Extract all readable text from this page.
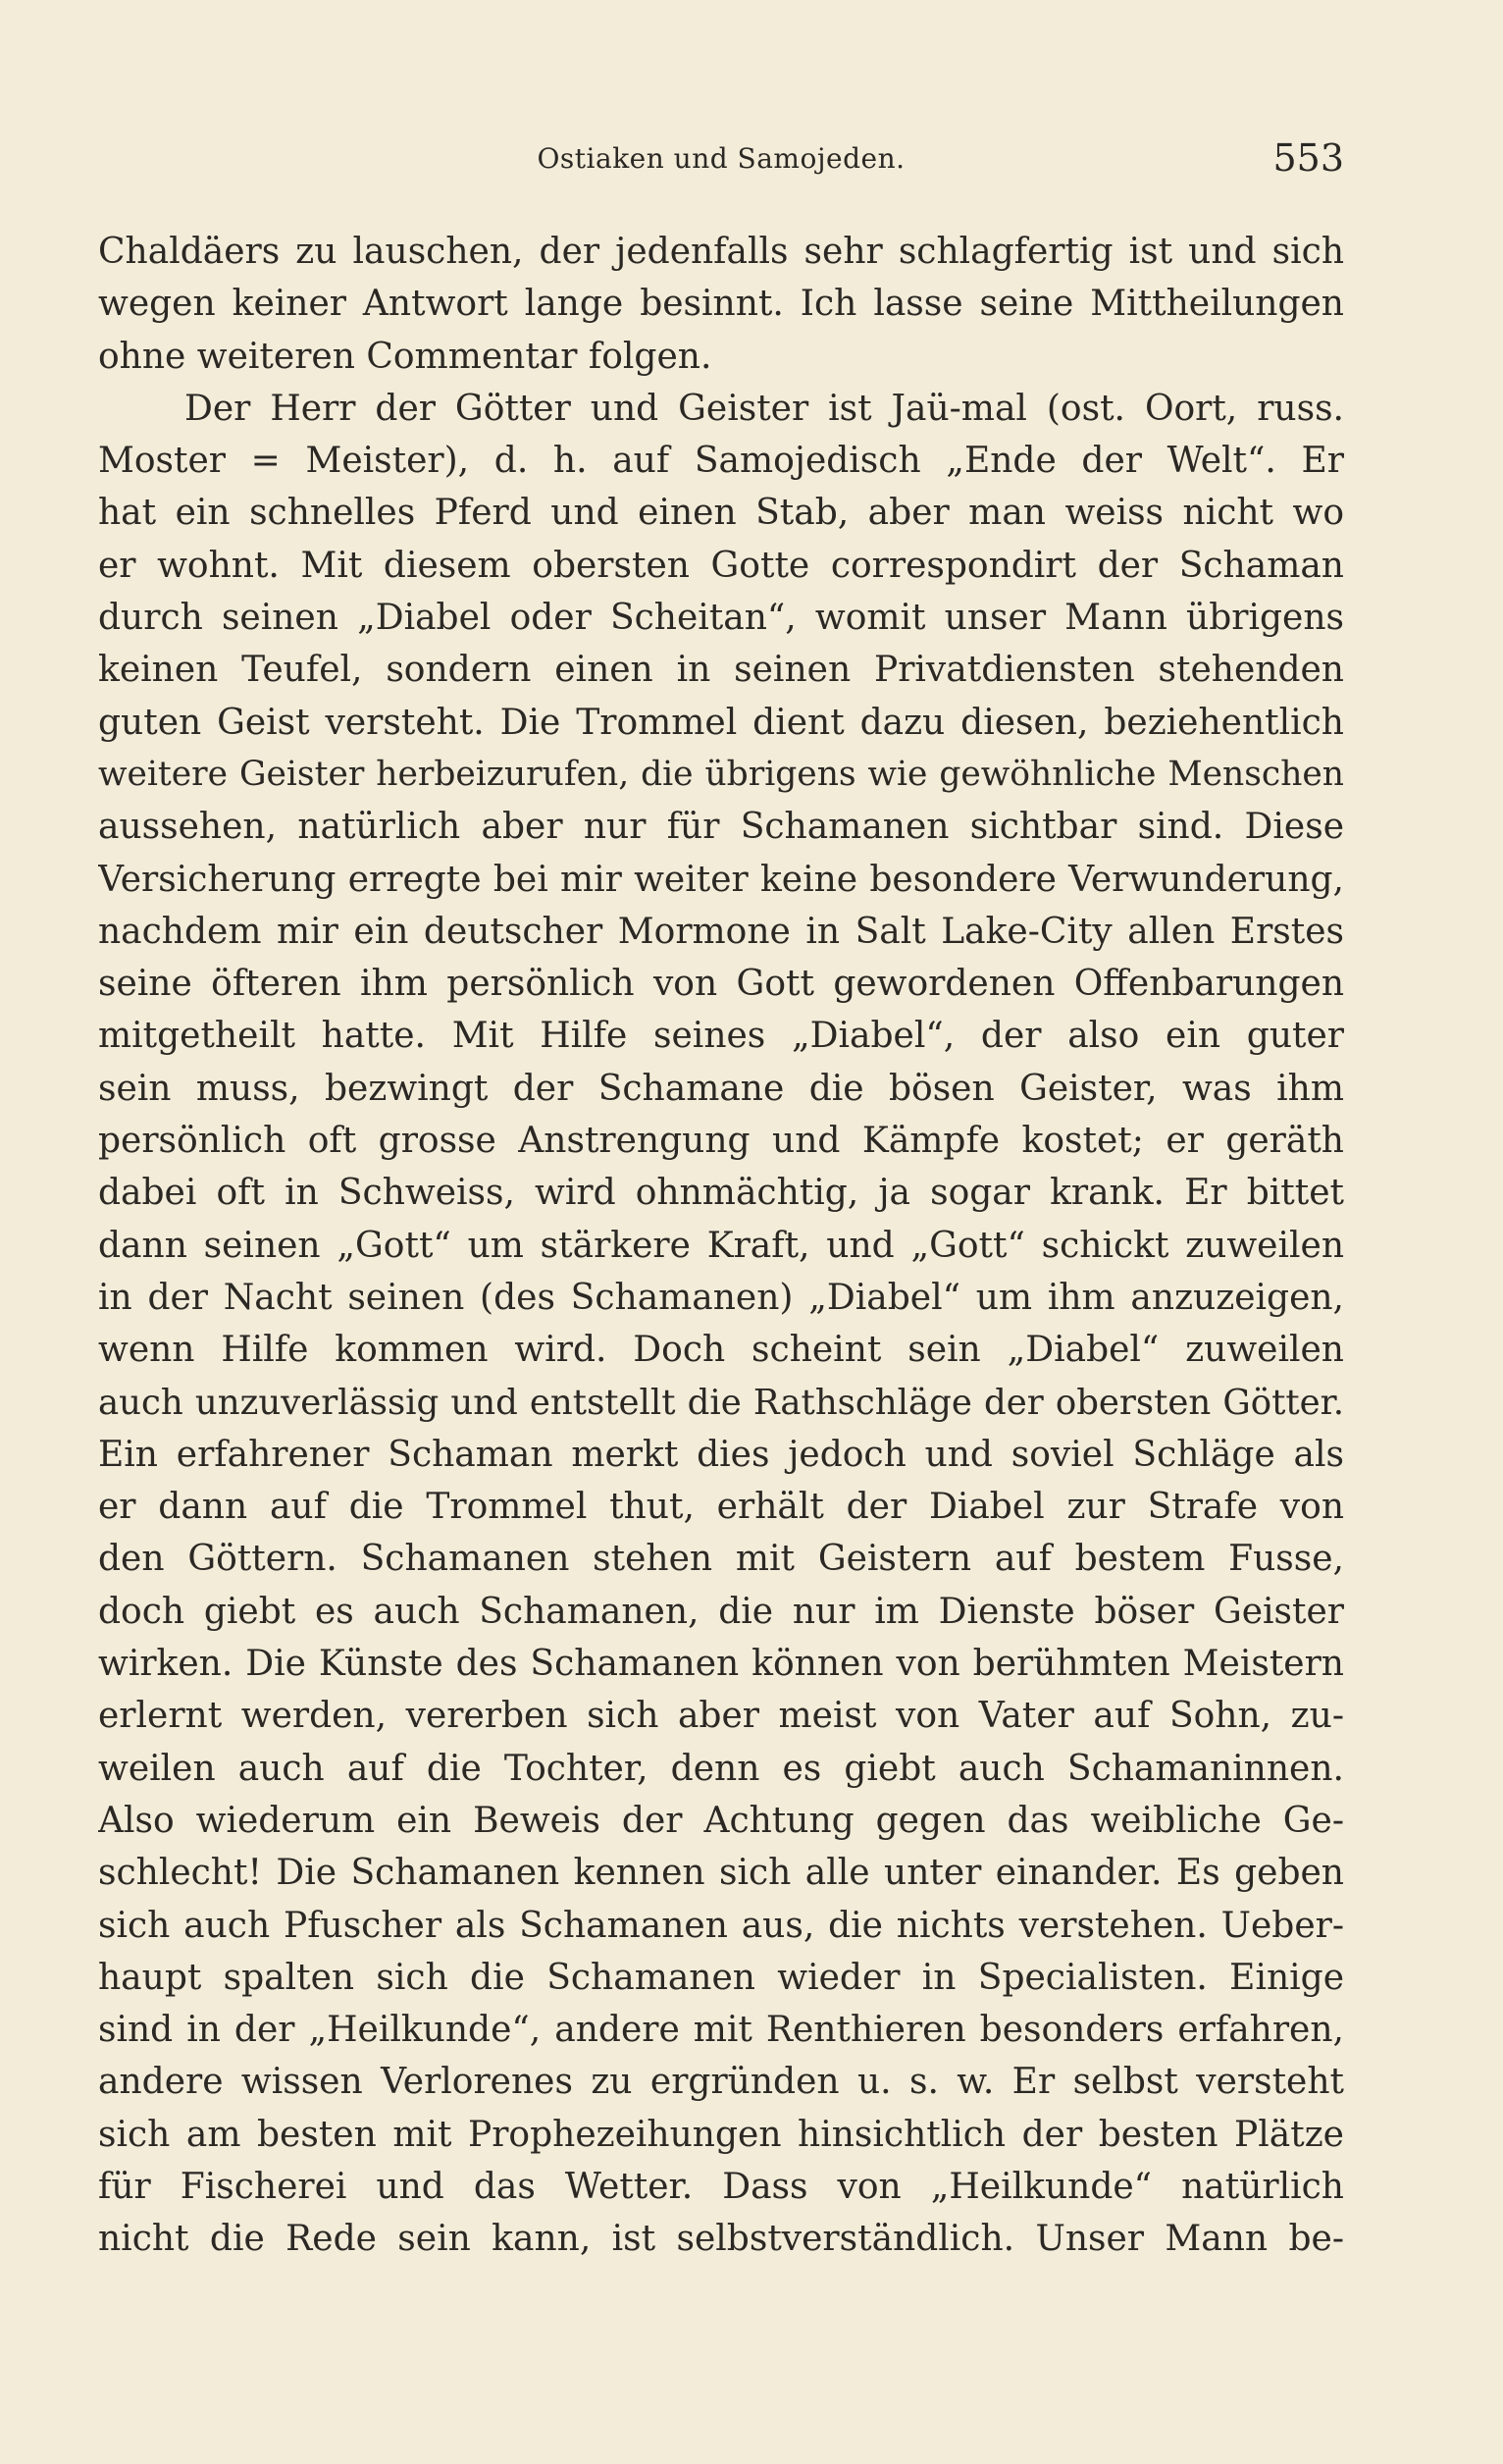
Ostiaken und Samojeden.	553
Chaldäers zu lauschen, der jedenfalls sehr schlagfertig ist und sich
wegen keiner Antwort lange besinnt. Ich lasse seine Mittheilungen
ohne weiteren Commentar folgen.
Der Herr der Götter und Geister ist Jaü-mal (ost. Oort, russ.
Moster = Meister), d. h. auf Samojedisch „Ende der Welt“. Er
hat ein schnelles Pferd und einen Stab, aber man weiss nicht wo
er wohnt. Mit diesem obersten Gotte correspondirt der Schaman
durch seinen „Diabel oder Scheitan“, womit unser Mann übrigens
keinen Teufel, sondern einen in seinen Privatdiensten stehenden
guten Geist versteht. Die Trommel dient dazu diesen, beziehentlich
weitere Geister herbeizurufen, die übrigens wie gewöhnliche Menschen
aussehen, natürlich aber nur für Schamanen sichtbar sind. Diese
Versicherung erregte bei mir weiter keine besondere Verwunderung,
nachdem mir ein deutscher Mormone in Salt Lake-City allen Erstes
seine öfteren ihm persönlich von Gott gewordenen Offenbarungen
mitgetheilt hatte. Mit Hilfe seines „Diabel“, der also ein guter
sein muss, bezwingt der Schamane die bösen Geister, was ihm
persönlich oft grosse Anstrengung und Kämpfe kostet; er geräth
dabei oft in Schweiss, wird ohnmächtig, ja sogar krank. Er bittet
dann seinen „Gott“ um stärkere Kraft, und „Gott“ schickt zuweilen
in der Nacht seinen (des Schamanen) „Diabel“ um ihm anzuzeigen,
wenn Hilfe kommen wird. Doch scheint sein „Diabel“ zuweilen
auch unzuverlässig und entstellt die Rathschläge der obersten Götter.
Ein erfahrener Schaman merkt dies jedoch und soviel Schläge als
er dann auf die Trommel thut, erhält der Diabel zur Strafe von
den Göttern. Schamanen stehen mit Geistern auf bestem Fusse,
doch giebt es auch Schamanen, die nur im Dienste böser Geister
wirken. Die Künste des Schamanen können von berühmten Meistern
erlernt werden, vererben sich aber meist von Vater auf Sohn, zu-
weilen auch auf die Tochter, denn es giebt auch Schamaninnen.
Also wiederum ein Beweis der Achtung gegen das weibliche Ge-
schlecht! Die Schamanen kennen sich alle unter einander. Es geben
sich auch Pfuscher als Schamanen aus, die nichts verstehen. Ueber-
haupt spalten sich die Schamanen wieder in Specialisten. Einige
sind in der „Heilkunde“, andere mit Renthieren besonders erfahren,
andere wissen Verlorenes zu ergründen u. s. w. Er selbst versteht
sich am besten mit Prophezeihungen hinsichtlich der besten Plätze
für Fischerei und das Wetter. Dass von „Heilkunde“ natürlich
nicht die Rede sein kann, ist selbstverständlich. Unser Mann be-
